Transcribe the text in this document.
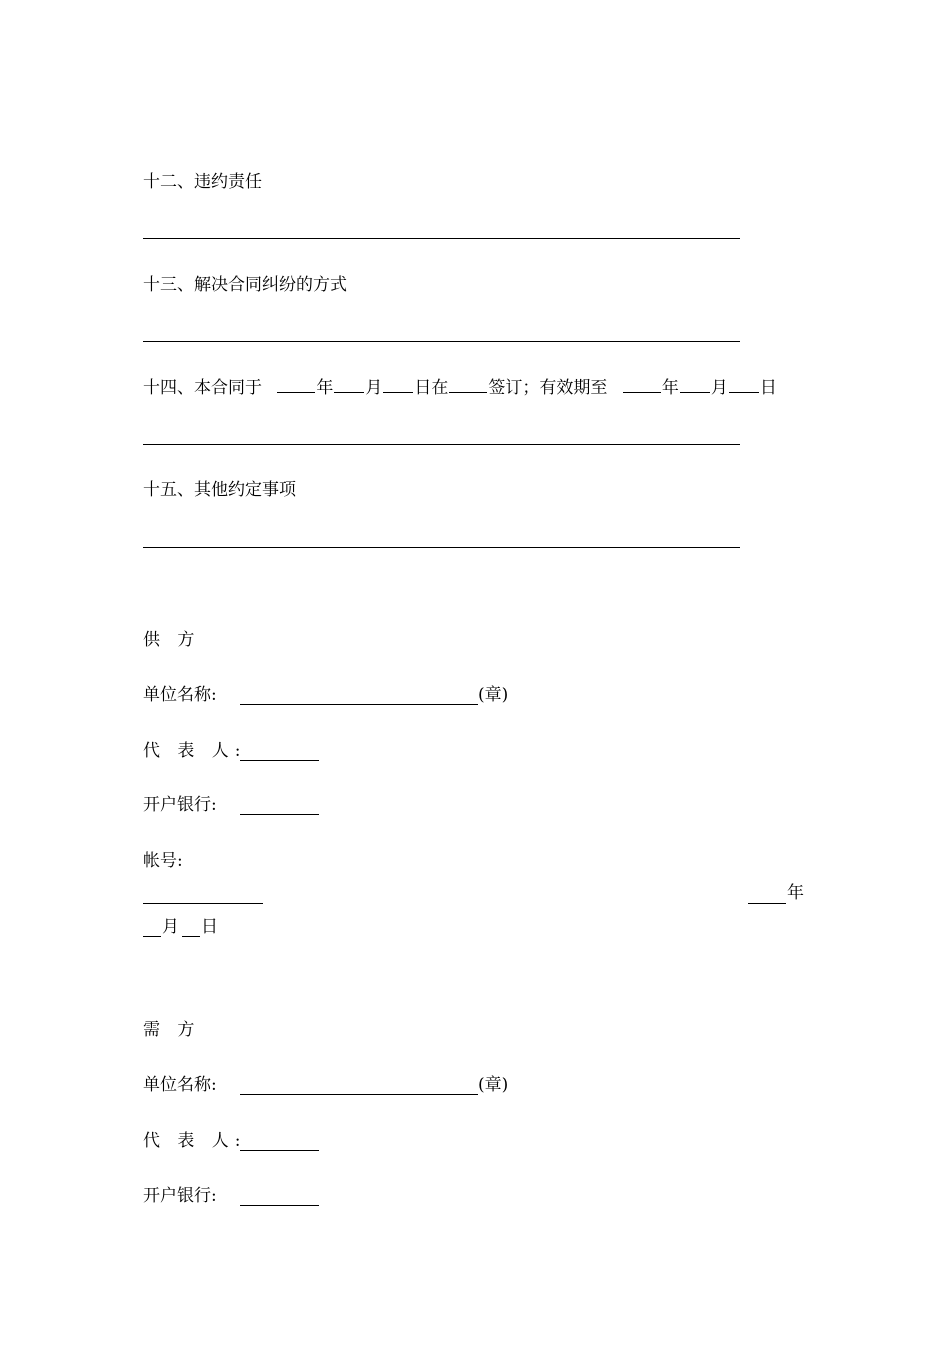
十二、违约责任
十三、解决合同纠纷的方式
十四、本合同于	年 月 日在 签订；有效期至	年 月 日
十五、其他约定事项
供 方
单位名称:	(章)
代 表 人:
开户银行:
帐号:
年
月 日
需 方
单位名称:	(章)
代 表 人:
开户银行:
